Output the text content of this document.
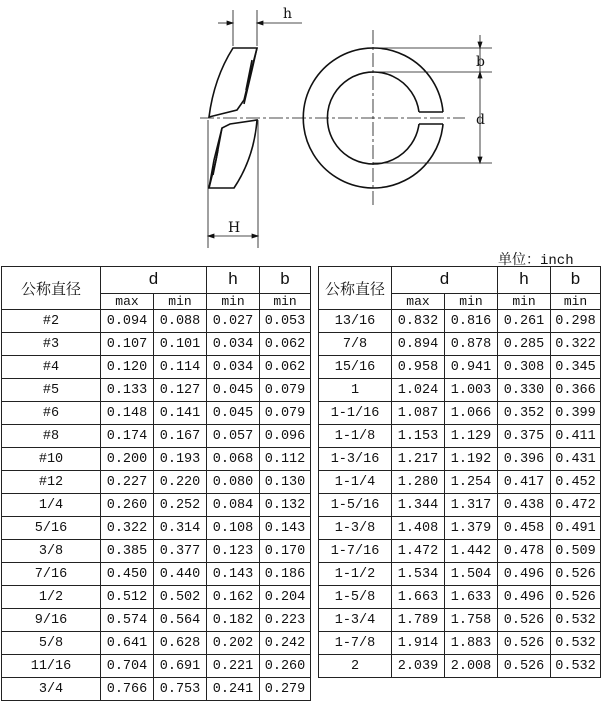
h
H
b
d
单位：inch
公称直径	d	h	b
max	min	min	min
#2	0.094	0.088	0.027	0.053
#3	0.107	0.101	0.034	0.062
#4	0.120	0.114	0.034	0.062
#5	0.133	0.127	0.045	0.079
#6	0.148	0.141	0.045	0.079
#8	0.174	0.167	0.057	0.096
#10	0.200	0.193	0.068	0.112
#12	0.227	0.220	0.080	0.130
1/4	0.260	0.252	0.084	0.132
5/16	0.322	0.314	0.108	0.143
3/8	0.385	0.377	0.123	0.170
7/16	0.450	0.440	0.143	0.186
1/2	0.512	0.502	0.162	0.204
9/16	0.574	0.564	0.182	0.223
5/8	0.641	0.628	0.202	0.242
11/16	0.704	0.691	0.221	0.260
3/4	0.766	0.753	0.241	0.279
公称直径	d	h	b
max	min	min	min
13/16	0.832	0.816	0.261	0.298
7/8	0.894	0.878	0.285	0.322
15/16	0.958	0.941	0.308	0.345
1	1.024	1.003	0.330	0.366
1-1/16	1.087	1.066	0.352	0.399
1-1/8	1.153	1.129	0.375	0.411
1-3/16	1.217	1.192	0.396	0.431
1-1/4	1.280	1.254	0.417	0.452
1-5/16	1.344	1.317	0.438	0.472
1-3/8	1.408	1.379	0.458	0.491
1-7/16	1.472	1.442	0.478	0.509
1-1/2	1.534	1.504	0.496	0.526
1-5/8	1.663	1.633	0.496	0.526
1-3/4	1.789	1.758	0.526	0.532
1-7/8	1.914	1.883	0.526	0.532
2	2.039	2.008	0.526	0.532
